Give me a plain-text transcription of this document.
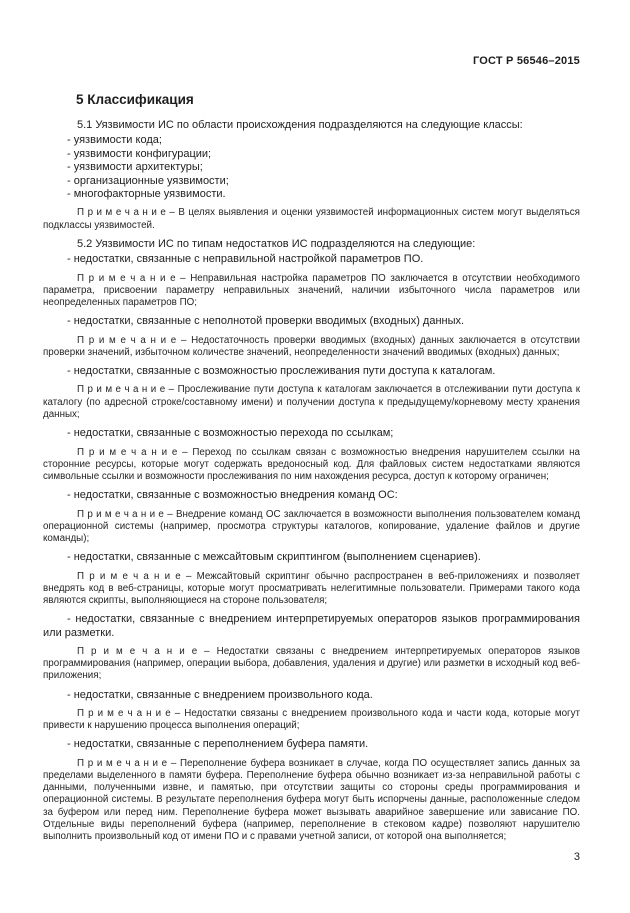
ГОСТ Р 56546–2015
5 Классификация

5.1 Уязвимости ИС по области происхождения подразделяются на следующие классы:

- уязвимости кода;

- уязвимости конфигурации;

- уязвимости архитектуры;

- организационные уязвимости;

- многофакторные уязвимости.

П р и м е ч а н и е – В целях выявления и оценки уязвимостей информационных систем могут выделяться подклассы уязвимостей.

5.2 Уязвимости ИС по типам недостатков ИС подразделяются на следующие:

- недостатки, связанные с неправильной настройкой параметров ПО.

П р и м е ч а н и е – Неправильная настройка параметров ПО заключается в отсутствии необходимого параметра, присвоении параметру неправильных значений, наличии избыточного числа параметров или неопределенных параметров ПО;

- недостатки, связанные с неполнотой проверки вводимых (входных) данных.

П р и м е ч а н и е – Недостаточность проверки вводимых (входных) данных заключается в отсутствии проверки значений, избыточном количестве значений, неопределенности значений вводимых (входных) данных;

- недостатки, связанные с возможностью прослеживания пути доступа к каталогам.

П р и м е ч а н и е – Прослеживание пути доступа к каталогам заключается в отслеживании пути доступа к каталогу (по адресной строке/составному имени) и получении доступа к предыдущему/корневому месту хранения данных;

- недостатки, связанные с возможностью перехода по ссылкам;

П р и м е ч а н и е – Переход по ссылкам связан с возможностью внедрения нарушителем ссылки на сторонние ресурсы, которые могут содержать вредоносный код. Для файловых систем недостатками являются символьные ссылки и возможности прослеживания по ним нахождения ресурса, доступ к которому ограничен;

- недостатки, связанные с возможностью внедрения команд ОС:

П р и м е ч а н и е – Внедрение команд ОС заключается в возможности выполнения пользователем команд операционной системы (например, просмотра структуры каталогов, копирование, удаление файлов и другие команды);

- недостатки, связанные с межсайтовым скриптингом (выполнением сценариев).

П р и м е ч а н и е – Межсайтовый скриптинг обычно распространен в веб-приложениях и позволяет внедрять код в веб-страницы, которые могут просматривать нелегитимные пользователи. Примерами такого кода являются скрипты, выполняющиеся на стороне пользователя;

- недостатки, связанные с внедрением интерпретируемых операторов языков программирования или разметки.

П р и м е ч а н и е – Недостатки связаны с внедрением интерпретируемых операторов языков программирования (например, операции выбора, добавления, удаления и другие) или разметки в исходный код веб-приложения;

- недостатки, связанные с внедрением произвольного кода.

П р и м е ч а н и е – Недостатки связаны с внедрением произвольного кода и части кода, которые могут привести к нарушению процесса выполнения операций;

- недостатки, связанные с переполнением буфера памяти.

П р и м е ч а н и е – Переполнение буфера возникает в случае, когда ПО осуществляет запись данных за пределами выделенного в памяти буфера. Переполнение буфера обычно возникает из-за неправильной работы с данными, полученными извне, и памятью, при отсутствии защиты со стороны среды программирования и операционной системы. В результате переполнения буфера могут быть испорчены данные, расположенные следом за буфером или перед ним. Переполнение буфера может вызывать аварийное завершение или зависание ПО. Отдельные виды переполнений буфера (например, переполнение в стековом кадре) позволяют нарушителю выполнить произвольный код от имени ПО и с правами учетной записи, от которой она выполняется;

3
